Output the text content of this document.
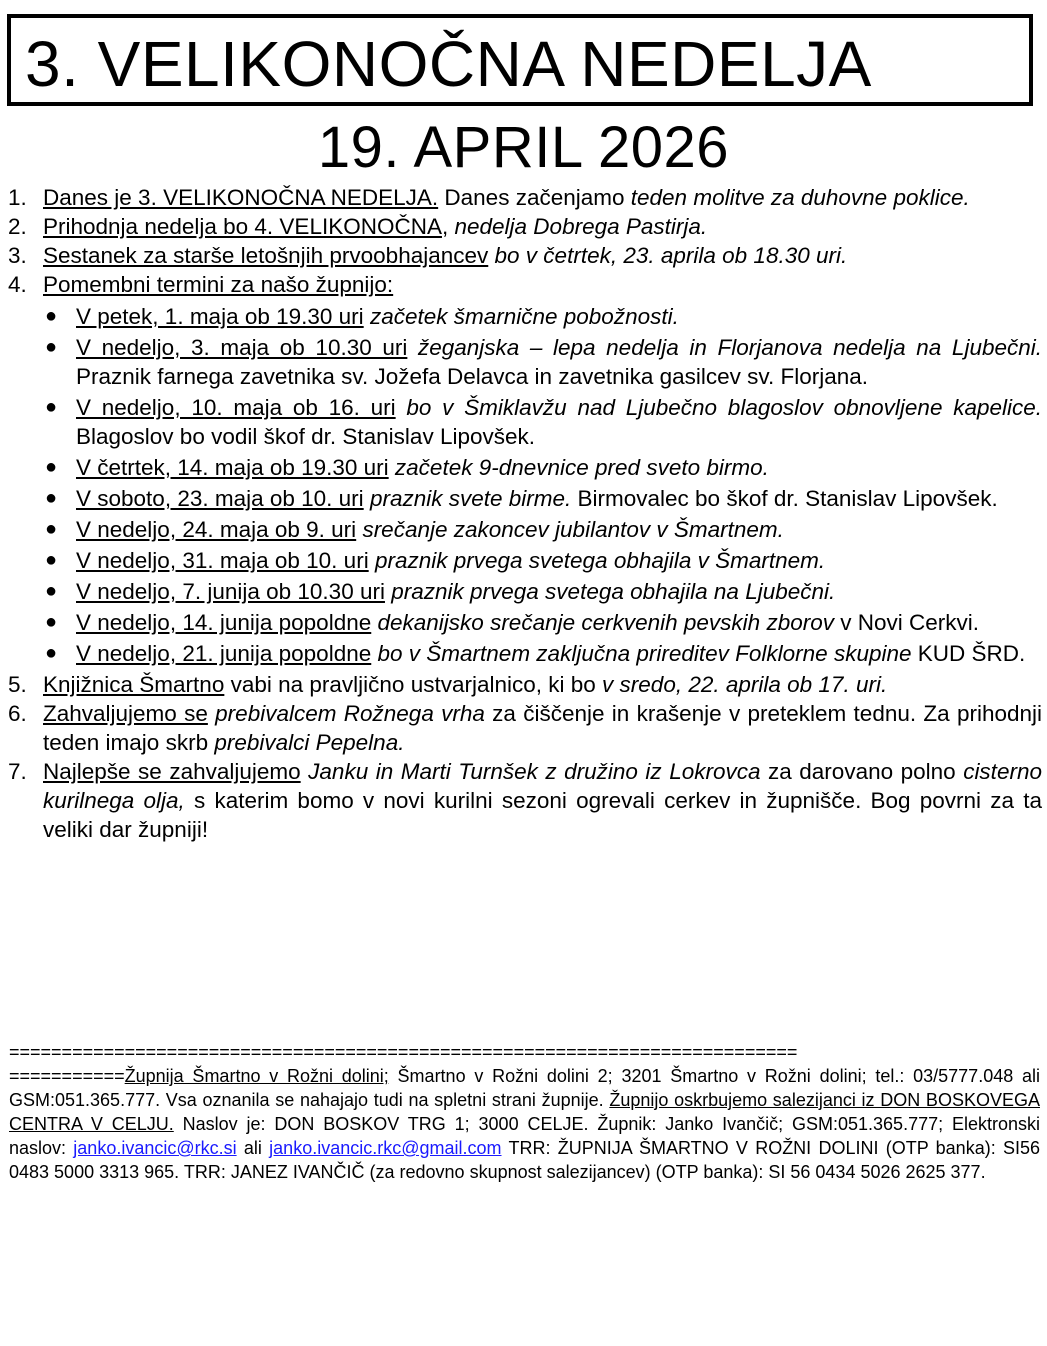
3. VELIKONOČNA NEDELJA
19. APRIL 2026

1. Danes je 3. VELIKONOČNA NEDELJA. Danes začenjamo teden molitve za duhovne poklice.

2. Prihodnja nedelja bo 4. VELIKONOČNA, nedelja Dobrega Pastirja.

3. Sestanek za starše letošnjih prvoobhajancev bo v četrtek, 23. aprila ob 18.30 uri.

4. Pomembni termini za našo župnijo:
● V petek, 1. maja ob 19.30 uri začetek šmarnične pobožnosti.
● V nedeljo, 3. maja ob 10.30 uri žeganjska – lepa nedelja in Florjanova nedelja na Ljubečni. Praznik farnega zavetnika sv. Jožefa Delavca in zavetnika gasilcev sv. Florjana.
● V nedeljo, 10. maja ob 16. uri bo v Šmiklavžu nad Ljubečno blagoslov obnovljene kapelice. Blagoslov bo vodil škof dr. Stanislav Lipovšek.
● V četrtek, 14. maja ob 19.30 uri začetek 9-dnevnice pred sveto birmo.
● V soboto, 23. maja ob 10. uri praznik svete birme. Birmovalec bo škof dr. Stanislav Lipovšek.
● V nedeljo, 24. maja ob 9. uri srečanje zakoncev jubilantov v Šmartnem.
● V nedeljo, 31. maja ob 10. uri praznik prvega svetega obhajila v Šmartnem.
● V nedeljo, 7. junija ob 10.30 uri praznik prvega svetega obhajila na Ljubečni.
● V nedeljo, 14. junija popoldne dekanijsko srečanje cerkvenih pevskih zborov v Novi Cerkvi.
● V nedeljo, 21. junija popoldne bo v Šmartnem zaključna prireditev Folklorne skupine KUD ŠRD.

5. Knjižnica Šmartno vabi na pravljično ustvarjalnico, ki bo v sredo, 22. aprila ob 17. uri.

6. Zahvaljujemo se prebivalcem Rožnega vrha za čiščenje in krašenje v preteklem tednu. Za prihodnji teden imajo skrb prebivalci Pepelna.

7. Najlepše se zahvaljujemo Janku in Marti Turnšek z družino iz Lokrovca za darovano polno cisterno kurilnega olja, s katerim bomo v novi kurilni sezoni ogrevali cerkev in župnišče. Bog povrni za ta veliki dar župniji!

===========================================================================
===========Župnija Šmartno v Rožni dolini; Šmartno v Rožni dolini 2; 3201 Šmartno v Rožni dolini; tel.: 03/5777.048 ali GSM:051.365.777. Vsa oznanila se nahajajo tudi na spletni strani župnije. Župnijo oskrbujemo salezijanci iz DON BOSKOVEGA CENTRA V CELJU. Naslov je: DON BOSKOV TRG 1; 3000 CELJE. Župnik: Janko Ivančič; GSM:051.365.777; Elektronski naslov: janko.ivancic@rkc.si ali janko.ivancic.rkc@gmail.com TRR: ŽUPNIJA ŠMARTNO V ROŽNI DOLINI (OTP banka): SI56 0483 5000 3313 965. TRR: JANEZ IVANČIČ (za redovno skupnost salezijancev) (OTP banka): SI 56 0434 5026 2625 377.
